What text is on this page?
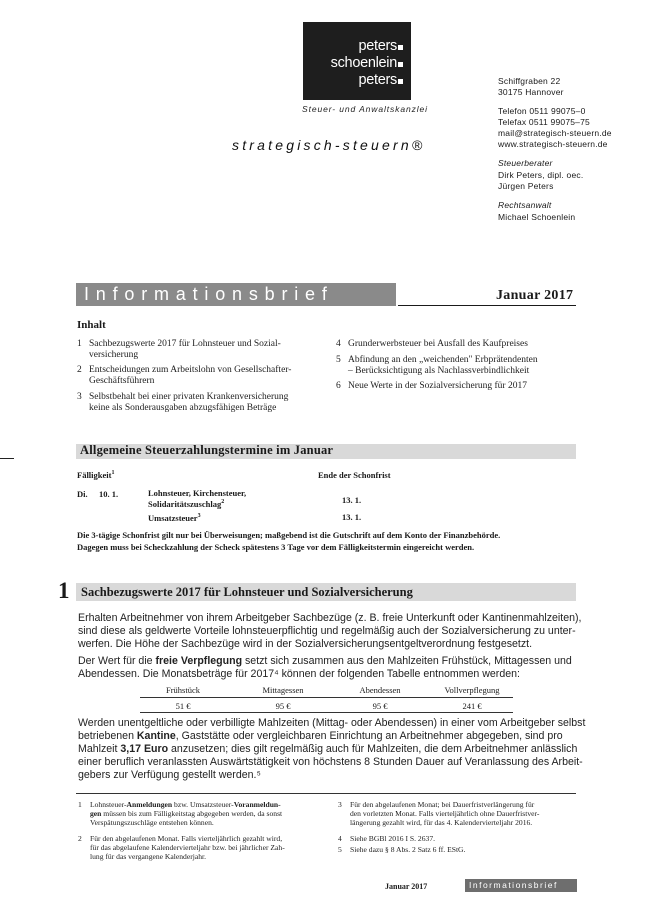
peters
schoenlein
peters
Steuer- und Anwaltskanzlei
strategisch-steuern®
Schiffgraben 22
30175 Hannover
Telefon 0511 99075–0
Telefax 0511 99075–75
mail@strategisch-steuern.de
www.strategisch-steuern.de
Steuerberater
Dirk Peters, dipl. oec.
Jürgen Peters
Rechtsanwalt
Michael Schoenlein
Informationsbrief	Januar 2017
Inhalt
1 Sachbezugswerte 2017 für Lohnsteuer und Sozial-
versicherung
2 Entscheidungen zum Arbeitslohn von Gesellschafter-
Geschäftsführern
3 Selbstbehalt bei einer privaten Krankenversicherung
keine als Sonderausgaben abzugsfähigen Beträge
4 Grunderwerbsteuer bei Ausfall des Kaufpreises
5 Abfindung an den „weichenden" Erbprätendenten
– Berücksichtigung als Nachlassverbindlichkeit
6 Neue Werte in der Sozialversicherung für 2017
Allgemeine Steuerzahlungstermine im Januar
Fälligkeit$^1$	Ende der Schonfrist
Di. 10. 1.	Lohnsteuer, Kirchensteuer,
Solidaritätszuschlag$^2$	13. 1.
Umsatzsteuer$^3$	13. 1.
Die 3-tägige Schonfrist gilt nur bei Überweisungen; maßgebend ist die Gutschrift auf dem Konto der Finanzbehörde.
Dagegen muss bei Scheckzahlung der Scheck spätestens 3 Tage vor dem Fälligkeitstermin eingereicht werden.
1 Sachbezugswerte 2017 für Lohnsteuer und Sozialversicherung
Erhalten Arbeitnehmer von ihrem Arbeitgeber Sachbezüge (z. B. freie Unterkunft oder Kantinenmahlzeiten),
sind diese als geldwerte Vorteile lohnsteuerpflichtig und regelmäßig auch der Sozialversicherung zu unter-
werfen. Die Höhe der Sachbezüge wird in der Sozialversicherungsentgeltverordnung festgesetzt.
Der Wert für die freie Verpflegung setzt sich zusammen aus den Mahlzeiten Frühstück, Mittagessen und
Abendessen. Die Monatsbeträge für 2017⁴ können der folgenden Tabelle entnommen werden:
Frühstück	Mittagessen	Abendessen	Vollverpflegung
51 €	95 €	95 €	241 €
Werden unentgeltliche oder verbilligte Mahlzeiten (Mittag- oder Abendessen) in einer vom Arbeitgeber selbst
betriebenen Kantine, Gaststätte oder vergleichbaren Einrichtung an Arbeitnehmer abgegeben, sind pro
Mahlzeit 3,17 Euro anzusetzen; dies gilt regelmäßig auch für Mahlzeiten, die dem Arbeitnehmer anlässlich
einer beruflich veranlassten Auswärtstätigkeit von höchstens 8 Stunden Dauer auf Veranlassung des Arbeit-
gebers zur Verfügung gestellt werden.⁵
1 Lohnsteuer-Anmeldungen bzw. Umsatzsteuer-Voranmeldun-
gen müssen bis zum Fälligkeitstag abgegeben werden, da sonst
Verspätungszuschläge entstehen können.
2 Für den abgelaufenen Monat. Falls vierteljährlich gezahlt wird,
für das abgelaufene Kalendervierteljahr bzw. bei jährlicher Zah-
lung für das vergangene Kalenderjahr.
3 Für den abgelaufenen Monat; bei Dauerfristverlängerung für
den vorletzten Monat. Falls vierteljährlich ohne Dauerfristver-
längerung gezahlt wird, für das 4. Kalendervierteljahr 2016.
4 Siehe BGBl 2016 I S. 2637.
5 Siehe dazu § 8 Abs. 2 Satz 6 ff. EStG.
Januar 2017	Informationsbrief
